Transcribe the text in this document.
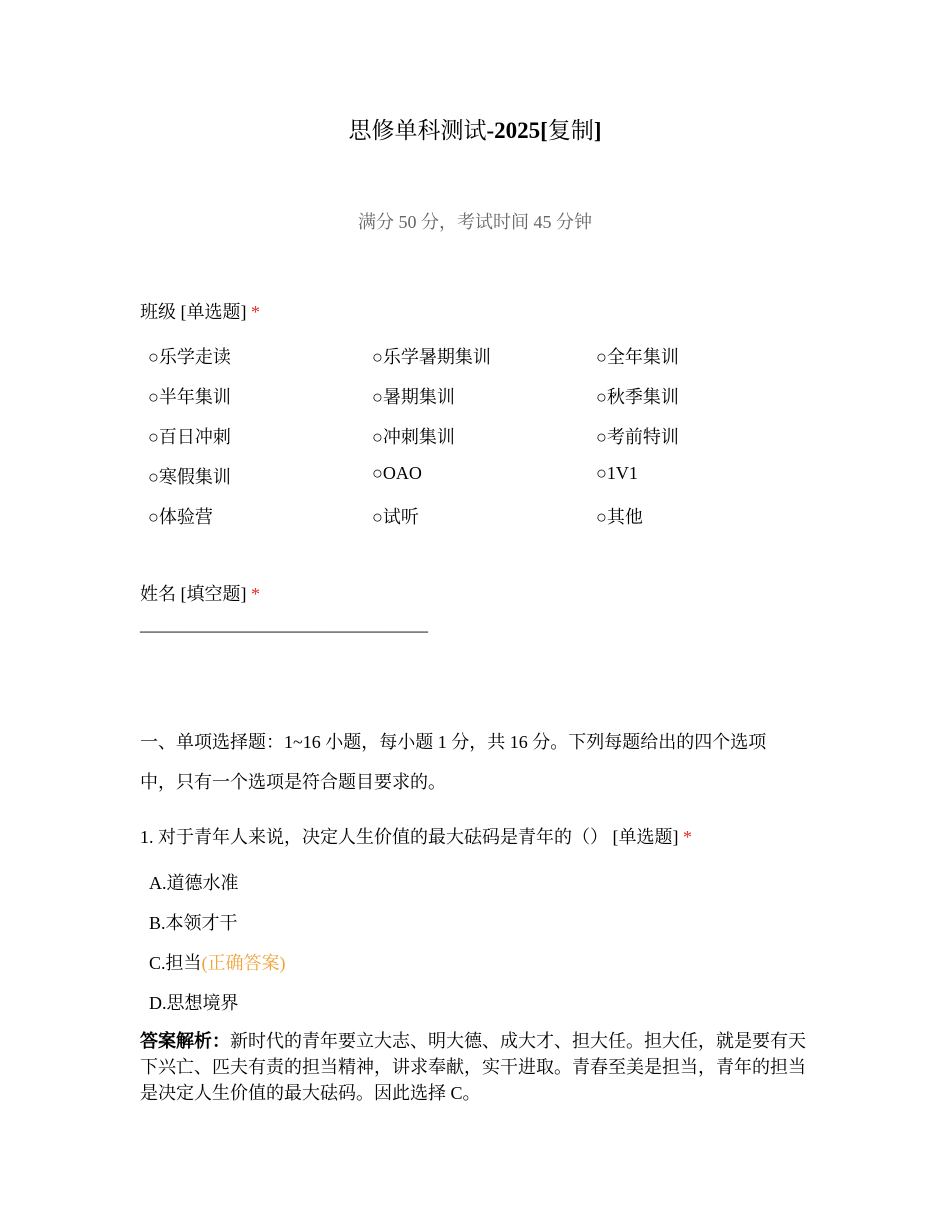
思修单科测试-2025[复制]
满分 50 分，考试时间 45 分钟
班级 [单选题] *
○乐学走读	○乐学暑期集训	○全年集训
○半年集训	○暑期集训	○秋季集训
○百日冲刺	○冲刺集训	○考前特训
○寒假集训	○OAO	○1V1
○体验营	○试听	○其他
姓名 [填空题] *
________________________________
一、单项选择题：1~16 小题，每小题 1 分，共 16 分。下列每题给出的四个选项中，只有一个选项是符合题目要求的。
1. 对于青年人来说，决定人生价值的最大砝码是青年的（） [单选题] *
A.道德水准
B.本领才干
C.担当(正确答案)
D.思想境界
答案解析：新时代的青年要立大志、明大德、成大才、担大任。担大任，就是要有天下兴亡、匹夫有责的担当精神，讲求奉献，实干进取。青春至美是担当，青年的担当是决定人生价值的最大砝码。因此选择 C。
